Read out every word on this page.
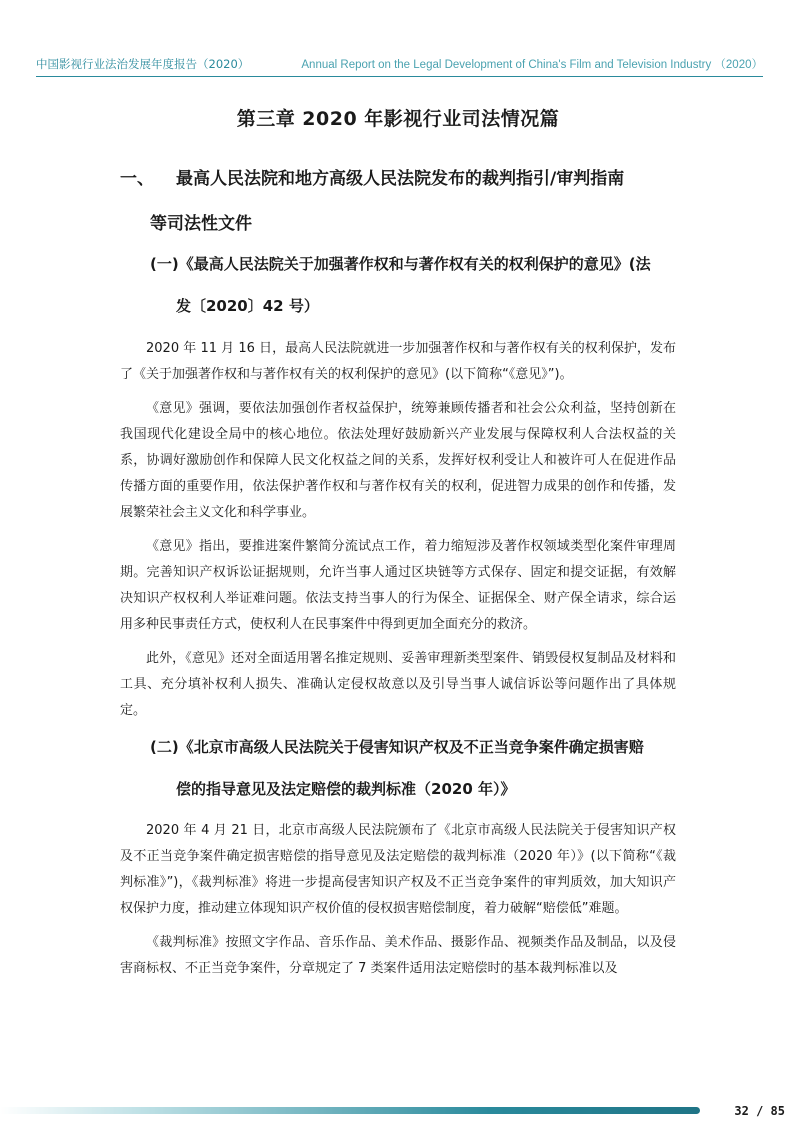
中国影视行业法治发展年度报告（2020）	Annual Report on the Legal Development of China's Film and Television Industry （2020）
第三章 2020 年影视行业司法情况篇
一、 最高人民法院和地方高级人民法院发布的裁判指引/审判指南
等司法性文件
(一)《最高人民法院关于加强著作权和与著作权有关的权利保护的意见》(法
发〔2020〕42 号）

2020 年 11 月 16 日，最高人民法院就进一步加强著作权和与著作权有关的权利保护，发布了《关于加强著作权和与著作权有关的权利保护的意见》(以下简称“《意见》”)。

《意见》强调，要依法加强创作者权益保护，统筹兼顾传播者和社会公众利益，坚持创新在我国现代化建设全局中的核心地位。依法处理好鼓励新兴产业发展与保障权利人合法权益的关系，协调好激励创作和保障人民文化权益之间的关系，发挥好权利受让人和被许可人在促进作品传播方面的重要作用，依法保护著作权和与著作权有关的权利，促进智力成果的创作和传播，发展繁荣社会主义文化和科学事业。

《意见》指出，要推进案件繁简分流试点工作，着力缩短涉及著作权领域类型化案件审理周期。完善知识产权诉讼证据规则，允许当事人通过区块链等方式保存、固定和提交证据，有效解决知识产权权利人举证难问题。依法支持当事人的行为保全、证据保全、财产保全请求，综合运用多种民事责任方式，使权利人在民事案件中得到更加全面充分的救济。

此外，《意见》还对全面适用署名推定规则、妥善审理新类型案件、销毁侵权复制品及材料和工具、充分填补权利人损失、准确认定侵权故意以及引导当事人诚信诉讼等问题作出了具体规定。

(二)《北京市高级人民法院关于侵害知识产权及不正当竞争案件确定损害赔
偿的指导意见及法定赔偿的裁判标准（2020 年）》

2020 年 4 月 21 日，北京市高级人民法院颁布了《北京市高级人民法院关于侵害知识产权及不正当竞争案件确定损害赔偿的指导意见及法定赔偿的裁判标准（2020 年）》(以下简称“《裁判标准》”)，《裁判标准》将进一步提高侵害知识产权及不正当竞争案件的审判质效，加大知识产权保护力度，推动建立体现知识产权价值的侵权损害赔偿制度，着力破解“赔偿低”难题。

《裁判标准》按照文字作品、音乐作品、美术作品、摄影作品、视频类作品及制品，以及侵害商标权、不正当竞争案件，分章规定了 7 类案件适用法定赔偿时的基本裁判标准以及

32 / 85
